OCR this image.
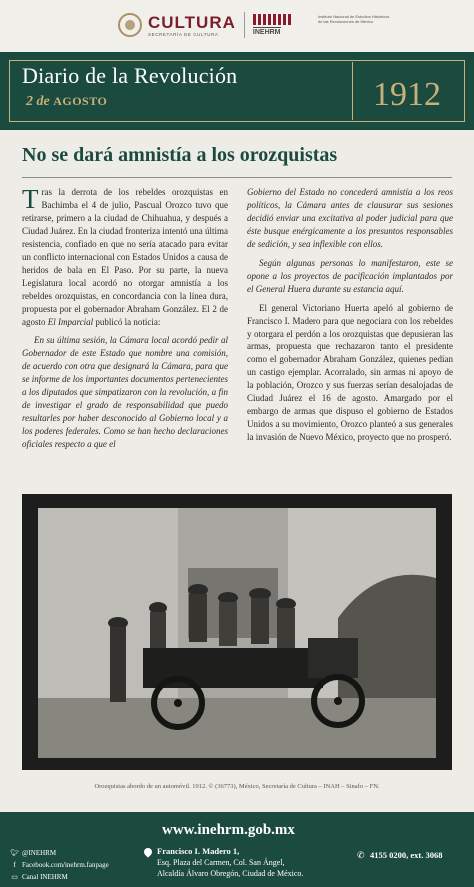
CULTURA
SECRETARÍA DE CULTURA	INEHRM
Instituto Nacional de Estudios Históricos de las Revoluciones de México
Diario de la Revolución
2 de AGOSTO	1912
No se dará amnistía a los orozquistas

Tras la derrota de los rebeldes orozquistas en Bachimba el 4 de julio, Pascual Orozco tuvo que retirarse, primero a la ciudad de Chihuahua, y después a Ciudad Juárez. En la ciudad fronteriza intentó una última resistencia, confiado en que no sería atacado para evitar un conflicto internacional con Estados Unidos a causa de heridos de bala en El Paso. Por su parte, la nueva Legislatura local acordó no otorgar amnistía a los rebeldes orozquistas, en concordancia con la línea dura, propuesta por el gobernador Abraham González. El 2 de agosto El Imparcial publicó la noticia:

En su última sesión, la Cámara local acordó pedir al Gobernador de este Estado que nombre una comisión, de acuerdo con otra que designará la Cámara, para que se informe de los importantes documentos pertenecientes a los diputados que simpatizaron con la revolución, a fin de investigar el grado de responsabilidad que puedo resultarles por haber desconocido al Gobierno local y a los poderes federales. Como se han hecho declaraciones oficiales respecto a que el

Gobierno del Estado no concederá amnistía a los reos políticos, la Cámara antes de clausurar sus sesiones decidió enviar una excitativa al poder judicial para que éste busque enérgicamente a los presuntos responsables de sedición, y sea inflexible con ellos.

Según algunas personas lo manifestaron, este se opone a los proyectos de pacificación implantados por el General Huera durante su estancia aquí.

El general Victoriano Huerta apeló al gobierno de Francisco I. Madero para que negociara con los rebeldes y otorgara el perdón a los orozquistas que depusieran las armas, propuesta que rechazaron tanto el presidente como el gobernador Abraham González, quienes pedían un castigo ejemplar. Acorralado, sin armas ni apoyo de la población, Orozco y sus fuerzas serían desalojadas de Ciudad Juárez el 16 de agosto. Amargado por el embargo de armas que dispuso el gobierno de Estados Unidos a su movimiento, Orozco planteó a sus generales la invasión de Nuevo México, proyecto que no prosperó.

Orozquistas abordo de un automóvil. 1912. © (36773), México, Secretaría de Cultura – INAH – Sinafo – FN.
www.inehrm.gob.mx
🐦︎ @INEHRM
f Facebook.com/inehrm.fanpage
▭ Canal INEHRM
Francisco I. Madero 1,
Esq. Plaza del Carmen, Col. San Ángel,
Alcaldía Álvaro Obregón, Ciudad de México.
✆ 4155 0200, ext. 3068
